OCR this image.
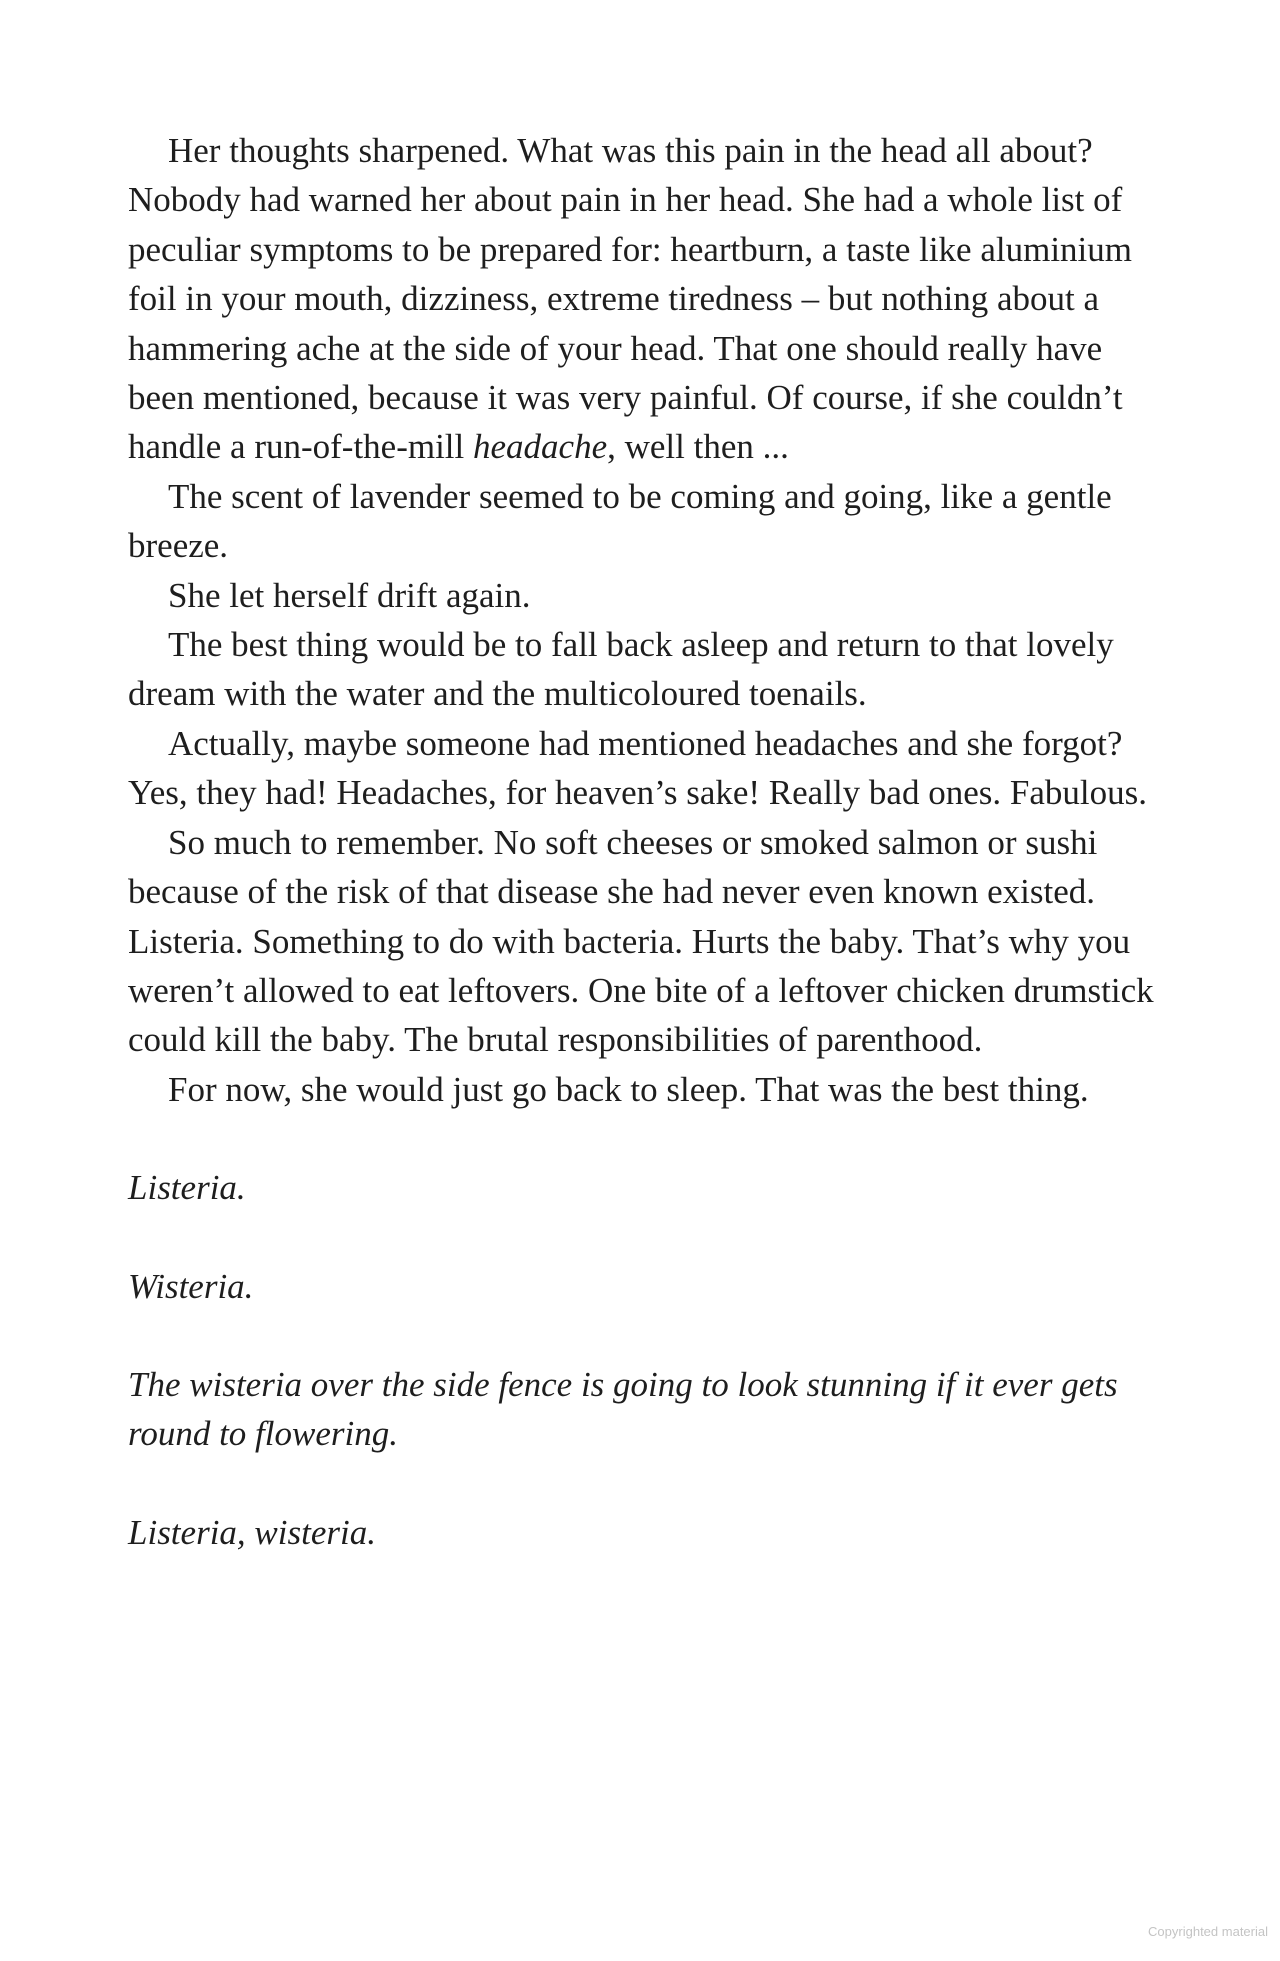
Her thoughts sharpened. What was this pain in the head all about? Nobody had warned her about pain in her head. She had a whole list of peculiar symptoms to be prepared for: heartburn, a taste like aluminium foil in your mouth, dizziness, extreme tiredness – but nothing about a hammering ache at the side of your head. That one should really have been mentioned, because it was very painful. Of course, if she couldn’t handle a run-of-the-mill headache, well then ...

The scent of lavender seemed to be coming and going, like a gentle breeze.

She let herself drift again.

The best thing would be to fall back asleep and return to that lovely dream with the water and the multicoloured toenails.

Actually, maybe someone had mentioned headaches and she forgot? Yes, they had! Headaches, for heaven’s sake! Really bad ones. Fabulous.

So much to remember. No soft cheeses or smoked salmon or sushi because of the risk of that disease she had never even known existed. Listeria. Something to do with bacteria. Hurts the baby. That’s why you weren’t allowed to eat leftovers. One bite of a leftover chicken drumstick could kill the baby. The brutal responsibilities of parenthood.

For now, she would just go back to sleep. That was the best thing.

Listeria.

Wisteria.

The wisteria over the side fence is going to look stunning if it ever gets round to flowering.

Listeria, wisteria.

Copyrighted material
